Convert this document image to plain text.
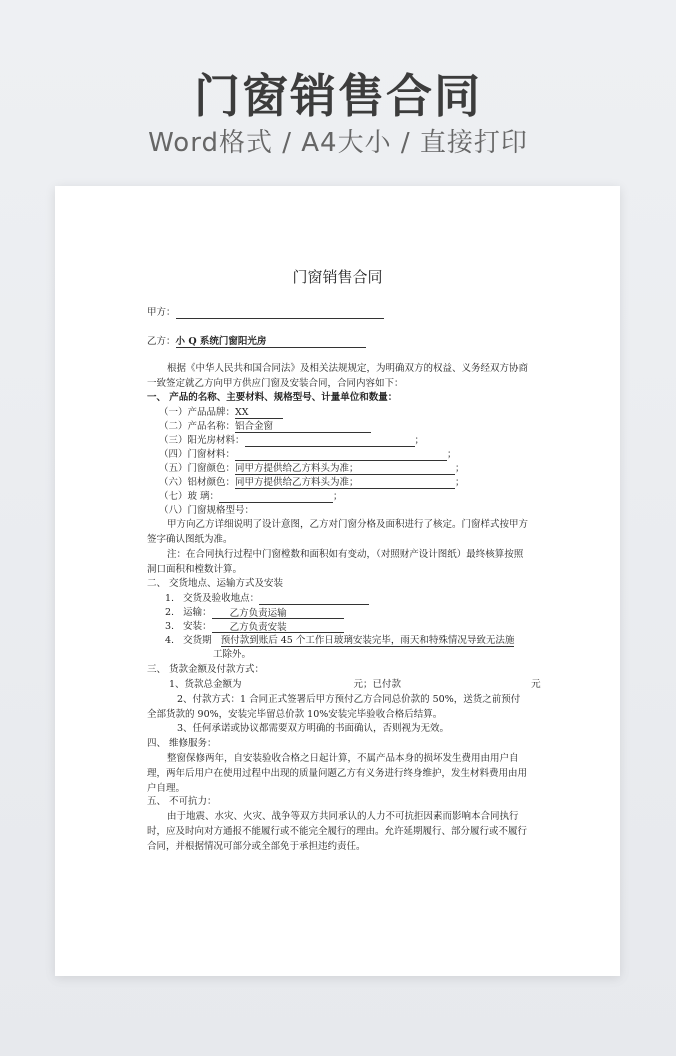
门窗销售合同
Word格式 / A4大小 / 直接打印
门窗销售合同
甲方：
乙方：小 Q 系统门窗阳光房
根据《中华人民共和国合同法》及相关法规规定，为明确双方的权益、义务经双方协商一致签定就乙方向甲方供应门窗及安装合同，合同内容如下：
一、 产品的名称、主要材料、规格型号、计量单位和数量：
（一）产品品牌：XX
（二）产品名称：铝合金窗
（三）阳光房材料：	；
（四）门窗材料：	；
（五）门窗颜色：同甲方提供给乙方料头为准；	；
（六）铝材颜色：同甲方提供给乙方料头为准；	；
（七）玻 璃：	；
（八）门窗规格型号：
甲方向乙方详细说明了设计意图，乙方对门窗分格及面积进行了核定。门窗样式按甲方签字确认图纸为准。
注：在合同执行过程中门窗樘数和面积如有变动，（对照财产设计图纸）最终核算按照洞口面积和樘数计算。
二、 交货地点、运输方式及安装
1. 交货及验收地点：
2. 运输： 乙方负责运输
3. 安装： 乙方负责安装
4. 交货期 预付款到账后 45 个工作日玻璃安装完毕，雨天和特殊情况导致无法施
工除外。
三、 货款金额及付款方式：
1、货款总金额为	元；已付款	元
2、付款方式：1 合同正式签署后甲方预付乙方合同总价款的 50%，送货之前预付全部货款的 90%，安装完毕留总价款 10%安装完毕验收合格后结算。
3、任何承诺或协议都需要双方明确的书面确认，否则视为无效。
四、 维修服务：
整窗保修两年，自安装验收合格之日起计算，不属产品本身的损坏发生费用由用户自理，两年后用户在使用过程中出现的质量问题乙方有义务进行终身维护，发生材料费用由用户自理。
五、 不可抗力：
由于地震、水灾、火灾、战争等双方共同承认的人力不可抗拒因素而影响本合同执行时，应及时向对方通报不能履行或不能完全履行的理由。允许延期履行、部分履行或不履行合同，并根据情况可部分或全部免于承担违约责任。
